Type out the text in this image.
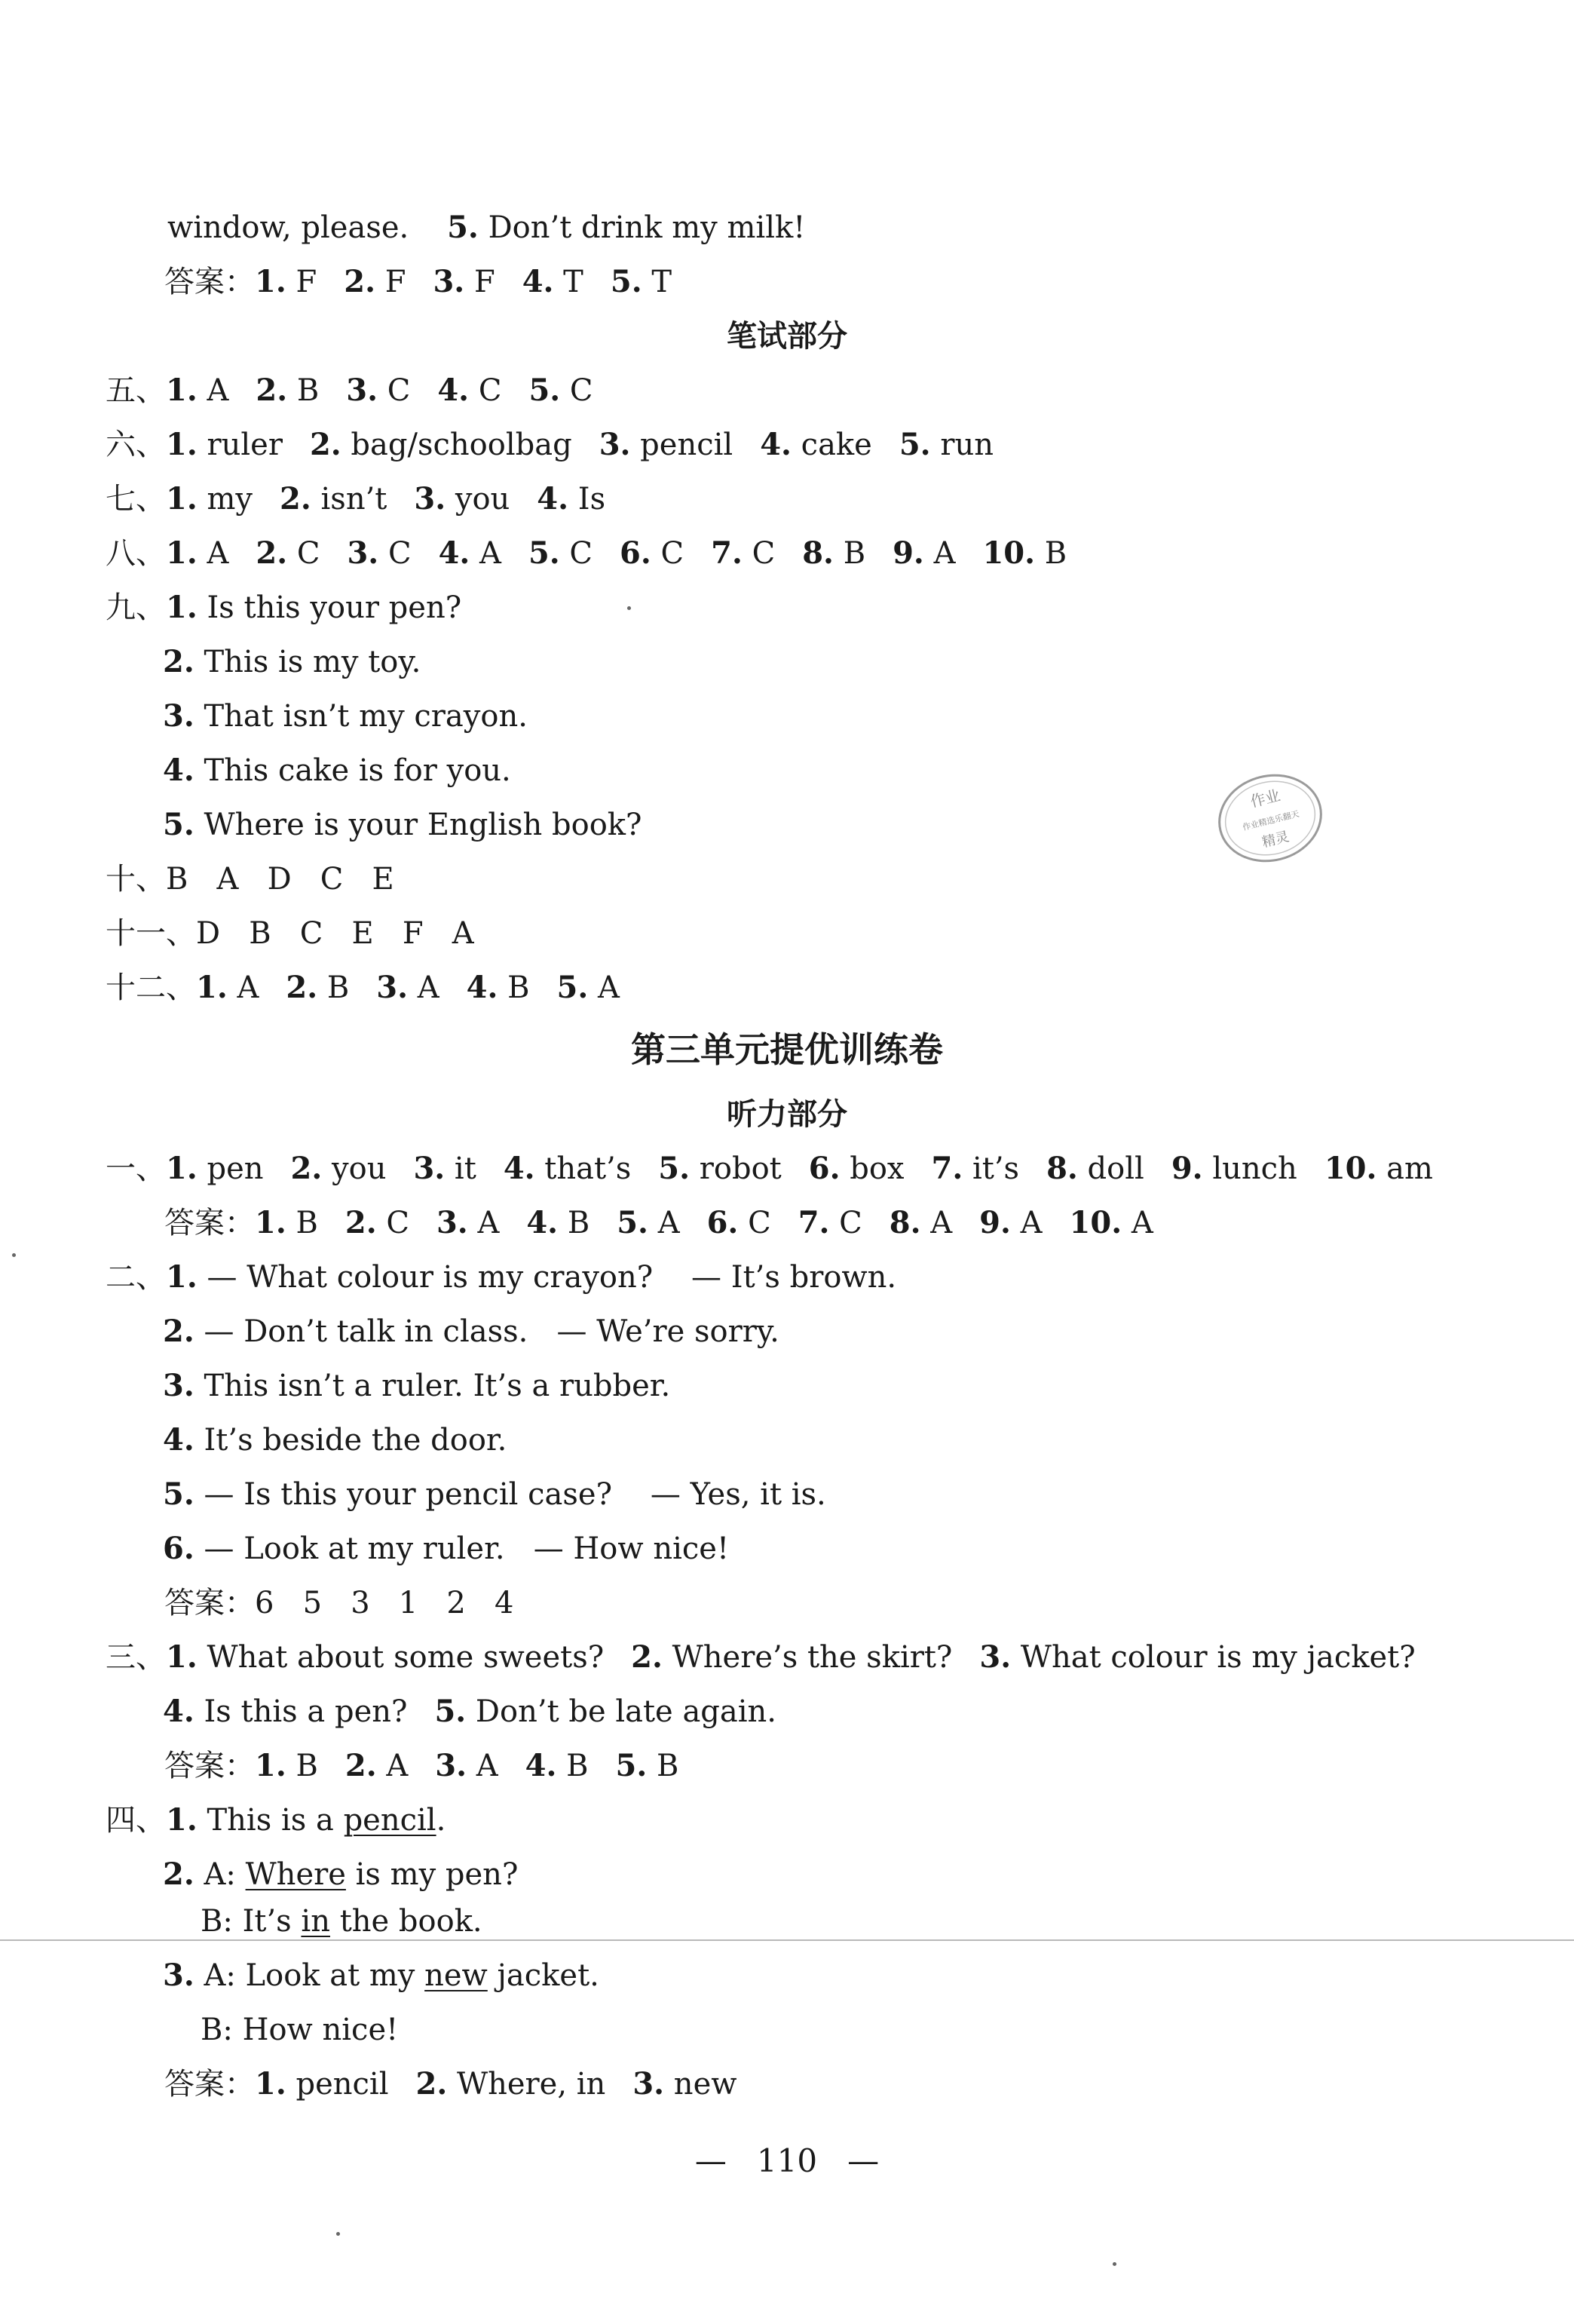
window, please. 5. Don’t drink my milk!
答案：1. F 2. F 3. F 4. T 5. T
笔试部分
五、1. A 2. B 3. C 4. C 5. C
六、1. ruler 2. bag/schoolbag 3. pencil 4. cake 5. run
七、1. my 2. isn’t 3. you 4. Is
八、1. A 2. C 3. C 4. A 5. C 6. C 7. C 8. B 9. A 10. B
九、1. Is this your pen?
2. This is my toy.
3. That isn’t my crayon.
4. This cake is for you.
5. Where is your English book?
十、B   A   D   C   E
十一、D   B   C   E   F   A
十二、1. A 2. B 3. A 4. B 5. A
第三单元提优训练卷
听力部分
一、1. pen 2. you 3. it 4. that’s 5. robot 6. box 7. it’s 8. doll 9. lunch 10. am
答案：1. B 2. C 3. A 4. B 5. A 6. C 7. C 8. A 9. A 10. A
二、1. — What colour is my crayon?    — It’s brown.
2. — Don’t talk in class.   — We’re sorry.
3. This isn’t a ruler. It’s a rubber.
4. It’s beside the door.
5. — Is this your pencil case?    — Yes, it is.
6. — Look at my ruler.   — How nice!
答案：6   5   3   1   2   4
三、1. What about some sweets? 2. Where’s the skirt? 3. What colour is my jacket?
4. Is this a pen? 5. Don’t be late again.
答案：1. B 2. A 3. A 4. B 5. B
四、1. This is a pencil.
2. A: Where is my pen?
B: It’s in the book.
3. A: Look at my new jacket.
B: How nice!
答案：1. pencil 2. Where, in 3. new
— 110 —
作业
作业精选乐翻天
精灵
